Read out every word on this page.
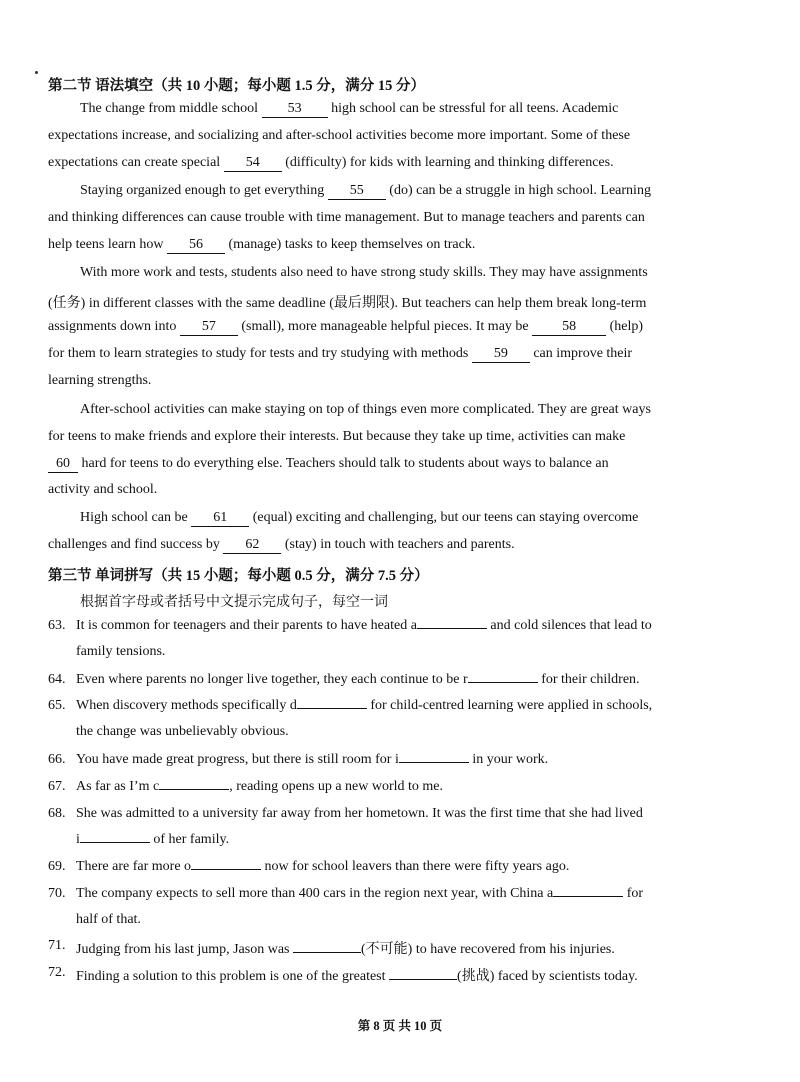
第二节 语法填空（共 10 小题；每小题 1.5 分，满分 15 分）
The change from middle school 53 high school can be stressful for all teens. Academic
expectations increase, and socializing and after-school activities become more important. Some of these
expectations can create special 54 (difficulty) for kids with learning and thinking differences.
Staying organized enough to get everything 55 (do) can be a struggle in high school. Learning
and thinking differences can cause trouble with time management. But to manage teachers and parents can
help teens learn how 56 (manage) tasks to keep themselves on track.
With more work and tests, students also need to have strong study skills. They may have assignments
(任务) in different classes with the same deadline (最后期限). But teachers can help them break long-term
assignments down into 57 (small), more manageable helpful pieces. It may be 58 (help)
for them to learn strategies to study for tests and try studying with methods 59 can improve their
learning strengths.
After-school activities can make staying on top of things even more complicated. They are great ways
for teens to make friends and explore their interests. But because they take up time, activities can make
60 hard for teens to do everything else. Teachers should talk to students about ways to balance an
activity and school.
High school can be 61 (equal) exciting and challenging, but our teens can staying overcome
challenges and find success by 62 (stay) in touch with teachers and parents.
第三节 单词拼写（共 15 小题；每小题 0.5 分，满分 7.5 分）
根据首字母或者括号中文提示完成句子，每空一词
63. It is common for teenagers and their parents to have heated a	and cold silences that lead to
family tensions.
64. Even where parents no longer live together, they each continue to be r	for their children.
65. When discovery methods specifically d	for child-centred learning were applied in schools,
the change was unbelievably obvious.
66. You have made great progress, but there is still room for i	in your work.
67. As far as I’m c	, reading opens up a new world to me.
68. She was admitted to a university far away from her hometown. It was the first time that she had lived
i	of her family.
69. There are far more o	now for school leavers than there were fifty years ago.
70. The company expects to sell more than 400 cars in the region next year, with China a	for
half of that.
71. Judging from his last jump, Jason was	(不可能) to have recovered from his injuries.
72. Finding a solution to this problem is one of the greatest	(挑战) faced by scientists today.
第 8 页 共 10 页
